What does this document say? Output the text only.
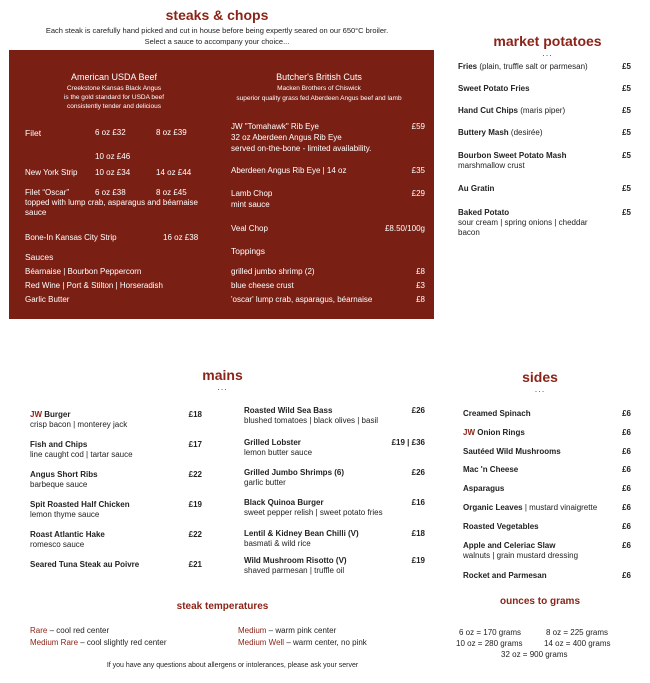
steaks & chops
Each steak is carefully hand picked and cut in house before being expertly seared on our 650°C broiler.
Select a sauce to accompany your choice...
American USDA Beef
Creekstone Kansas Black Angus
is the gold standard for USDA beef
consistently tender and delicious
Butcher's British Cuts
Macken Brothers of Chiswick
superior quality grass fed Aberdeen Angus beef and lamb
Filet	6 oz £32	8 oz £39
10 oz £46
New York Strip 10 oz £34	14 oz £44
Filet “Oscar”	6 oz £38	8 oz £45
topped with lump crab, asparagus and béarnaise
sauce
Bone-In Kansas City Strip	16 oz £38
Sauces
Béarnaise | Bourbon Peppercorn
Red Wine | Port & Stilton | Horseradish
Garlic Butter
JW "Tomahawk" Rib Eye
32 oz Aberdeen Angus Rib Eye
served on-the-bone - limited availability.
£59
Aberdeen Angus Rib Eye | 14 oz	£35
Lamb Chop
mint sauce
£29
Veal Chop	£8.50/100g
Toppings
grilled jumbo shrimp (2)	£8
blue cheese crust	£3
'oscar' lump crab, asparagus, béarnaise	£8
market potatoes
...
Fries (plain, truffle salt or parmesan)	£5
Sweet Potato Fries	£5
Hand Cut Chips (maris piper)	£5
Buttery Mash (desirée)	£5
Bourbon Sweet Potato Mash	£5
marshmallow crust
Au Gratin	£5
Baked Potato	£5
sour cream | spring onions | cheddar
bacon
mains
...
JW Burger	£18
crisp bacon | monterey jack
Fish and Chips	£17
line caught cod | tartar sauce
Angus Short Ribs	£22
barbeque sauce
Spit Roasted Half Chicken	£19
lemon thyme sauce
Roast Atlantic Hake	£22
romesco sauce
Seared Tuna Steak au Poivre	£21
Roasted Wild Sea Bass	£26
blushed tomatoes | black olives | basil
Grilled Lobster	£19 | £36
lemon butter sauce
Grilled Jumbo Shrimps (6)	£26
garlic butter
Black Quinoa Burger	£16
sweet pepper relish | sweet potato fries
Lentil & Kidney Bean Chilli (V)	£18
basmati & wild rice
Wild Mushroom Risotto (V)	£19
shaved parmesan | truffle oil
sides
...
Creamed Spinach	£6
JW Onion Rings	£6
Sautéed Wild Mushrooms	£6
Mac 'n Cheese	£6
Asparagus	£6
Organic Leaves | mustard vinaigrette	£6
Roasted Vegetables	£6
Apple and Celeriac Slaw	£6
walnuts | grain mustard dressing
Rocket and Parmesan	£6
steak temperatures
Rare – cool red center
Medium Rare – cool slightly red center
Medium – warm pink center
Medium Well – warm center, no pink
ounces to grams
6 oz = 170 grams	8 oz = 225 grams
10 oz = 280 grams	14 oz = 400 grams
32 oz = 900 grams
If you have any questions about allergens or intolerances, please ask your server
